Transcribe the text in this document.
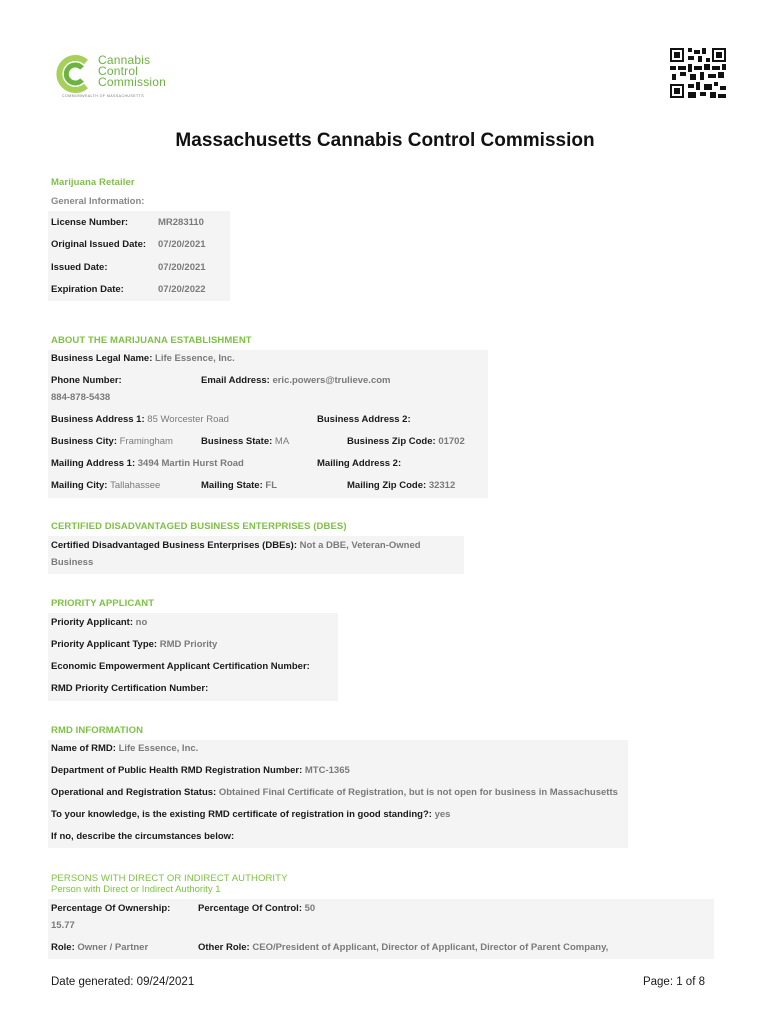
Cannabis
Control
Commission
COMMONWEALTH OF MASSACHUSETTS
Massachusetts Cannabis Control Commission
Marijuana Retailer
General Information:
License Number:	MR283110
Original Issued Date: 07/20/2021
Issued Date:	07/20/2021
Expiration Date:	07/20/2022
ABOUT THE MARIJUANA ESTABLISHMENT
Business Legal Name: Life Essence, Inc.
Phone Number:	Email Address: eric.powers@trulieve.com
884-878-5438
Business Address 1: 85 Worcester Road	Business Address 2:
Business City: Framingham	Business State: MA	Business Zip Code: 01702
Mailing Address 1: 3494 Martin Hurst Road	Mailing Address 2:
Mailing City: Tallahassee	Mailing State: FL	Mailing Zip Code: 32312
CERTIFIED DISADVANTAGED BUSINESS ENTERPRISES (DBES)
Certified Disadvantaged Business Enterprises (DBEs): Not a DBE, Veteran-Owned
Business
PRIORITY APPLICANT
Priority Applicant: no
Priority Applicant Type: RMD Priority
Economic Empowerment Applicant Certification Number:
RMD Priority Certification Number:
RMD INFORMATION
Name of RMD: Life Essence, Inc.
Department of Public Health RMD Registration Number: MTC-1365
Operational and Registration Status: Obtained Final Certificate of Registration, but is not open for business in Massachusetts
To your knowledge, is the existing RMD certificate of registration in good standing?: yes
If no, describe the circumstances below:
PERSONS WITH DIRECT OR INDIRECT AUTHORITY
Person with Direct or Indirect Authority 1
Percentage Of Ownership:	Percentage Of Control: 50
15.77
Role: Owner / Partner	Other Role: CEO/President of Applicant, Director of Applicant, Director of Parent Company,
Date generated: 09/24/2021	Page: 1 of 8
